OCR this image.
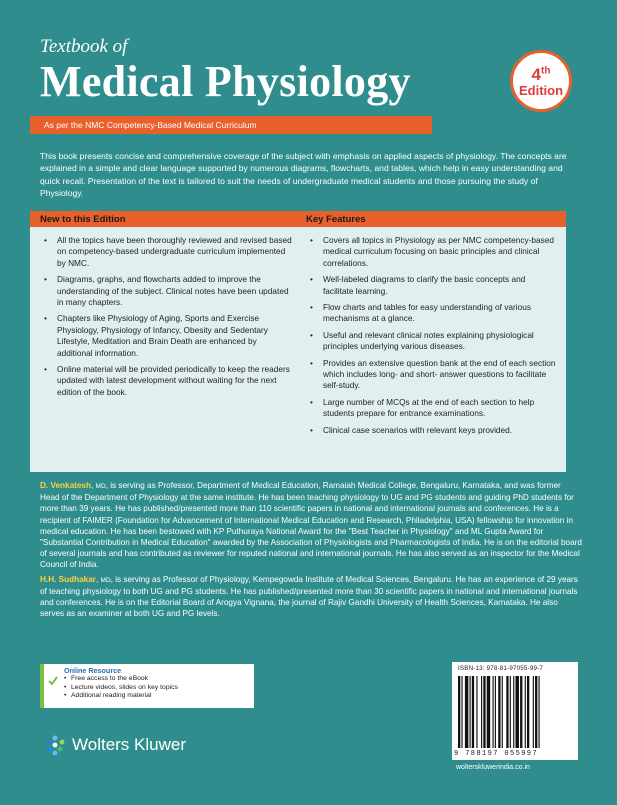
Textbook of
Medical Physiology	4th
Edition
As per the NMC Competency-Based Medical Curriculum

This book presents concise and comprehensive coverage of the subject with emphasis on applied aspects of physiology. The concepts are explained in a simple and clear language supported by numerous diagrams, flowcharts, and tables, which help in easy understanding and quick recall. Presentation of the text is tailored to suit the needs of undergraduate medical students and those pursuing the study of Physiology.

New to this Edition
• All the topics have been thoroughly reviewed and revised based on competency-based undergraduate curriculum implemented by NMC.
• Diagrams, graphs, and flowcharts added to improve the understanding of the subject. Clinical notes have been updated in many chapters.
• Chapters like Physiology of Aging, Sports and Exercise Physiology, Physiology of Infancy, Obesity and Sedentary Lifestyle, Meditation and Brain Death are enhanced by additional information.
• Online material will be provided periodically to keep the readers updated with latest development without waiting for the next edition of the book.
Key Features
• Covers all topics in Physiology as per NMC competency-based medical curriculum focusing on basic principles and clinical correlations.
• Well-labeled diagrams to clarify the basic concepts and facilitate learning.
• Flow charts and tables for easy understanding of various mechanisms at a glance.
• Useful and relevant clinical notes explaining physiological principles underlying various diseases.
• Provides an extensive question bank at the end of each section which includes long- and short- answer questions to facilitate self-study.
• Large number of MCQs at the end of each section to help students prepare for entrance examinations.
• Clinical case scenarios with relevant keys provided.

D. Venkatesh, MD, is serving as Professor, Department of Medical Education, Ramaiah Medical College, Bengaluru, Karnataka, and was former Head of the Department of Physiology at the same institute. He has been teaching physiology to UG and PG students and guiding PhD students for more than 39 years. He has published/presented more than 110 scientific papers in national and international journals and conferences. He is a recipient of FAIMER (Foundation for Advancement of International Medical Education and Research, Philadelphia, USA) fellowship for innovation in medical education. He has been bestowed with KP Puthuraya National Award for the "Best Teacher in Physiology" and ML Gupta Award for "Substantial Contribution in Medical Education" awarded by the Association of Physiologists and Pharmacologists of India. He is on the editorial board of several journals and has contributed as reviewer for reputed national and international journals. He has also served as an inspector for the Medical Council of India.

H.H. Sudhakar, MD, is serving as Professor of Physiology, Kempegowda Institute of Medical Sciences, Bengaluru. He has an experience of 29 years of teaching physiology to both UG and PG students. He has published/presented more than 30 scientific papers in national and international journals and conferences. He is on the Editorial Board of Arogya Vignana, the journal of Rajiv Gandhi University of Health Sciences, Karnataka. He also serves as an examiner at both UG and PG levels.

Online Resource
• Free access to the eBook
• Lecture videos, slides on key topics
• Additional reading material
Wolters Kluwer
ISBN-13: 978-81-97055-99-7
9 788197 055997
wolterskluwerindia.co.in
